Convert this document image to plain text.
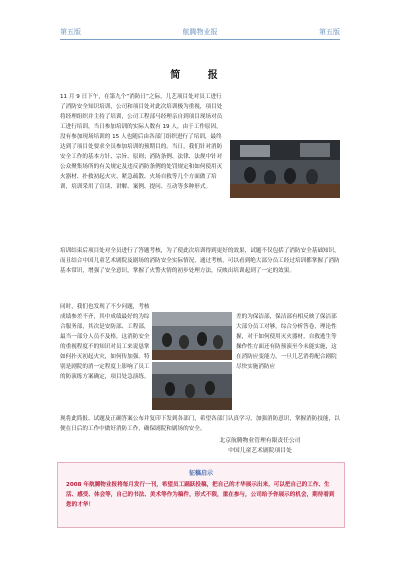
第五版	航腾物业报	第五版
简 报

11 月 9 日下午，在第九个“消防日”之际，儿艺项目处对员工进行了消防安全知识培训，公司和项目处对此次培训极为重视，项目处将经理组织并主持了培训，公司工程部马经理亲自到项目现场对员工进行培训，当日参加培训的实际人数有 19 人，由于工作原因，没有参加现场培训的 15 人也随后由各部门组织进行了培训，最终达到了项目处要求全员参加培训的预期目的。当日，我们针对消防安全工作的基本方针、宗旨、原则；消防条例、法律、法规中针对公众聚集场所的有关规定及违反消防条例的处罚规定和如何使用灭火器材、扑救初起火灾、紧急疏散、火场自救等几个方面做了培训，培训采用了宣读、讲解、案例、提问、互动等多种形式。

培训结束后项目处对全员进行了答题考核，为了使此次培训得到更好的效果，试题不仅包括了消防安全基础知识，而且结合中国儿童艺术剧院及剧场的消防安全实际情况，通过考核，可以看到绝大部分员工经过培训都掌握了消防基本常识，增强了安全意识，掌握了火警火情的初步处理方法，反映出培训起到了一定的效果。

同时，我们也发现了不少问题，考核成绩参差不齐，其中成绩最好的为综合服务部，其次是安防部、工程部，最当一部分人员不及格，这消防安全的重视程度不的知识对员工来说恳掌如何扑灭初起火灾，如何传加强。特别是剧院的消一定程度上影响了员工的防演练方案确定，项目处急演练。

差的为保洁部，保洁部有相反映了保洁部大部分员工对够，综合分析答卷，理论性握，对于如何使用灭火器材，自救逃生等操作性方面还有防预演至今未能实施，这在消防应变能力，一旦儿艺消将配合剧院尽快实施消防应

现将此简报、试题及正确答案公布并复印下发到各部门，希望各部门认真学习，加强消防意识，掌握消防技能，以便在日后的工作中做好消防工作，确保剧院和剧场的安全。

北京航腾物业管理有限责任公司
中国儿童艺术剧院项目处
征稿启示
2008 年航腾物业报将每月发行一刊，希望员工踊跃投稿，把自己的才华展示出来，可以把自己的工作、生活、感受、体会等，自己的书法、美术等作为稿件，形式不限，重在参与，公司给予你展示的机会，期待看到您的才华！
